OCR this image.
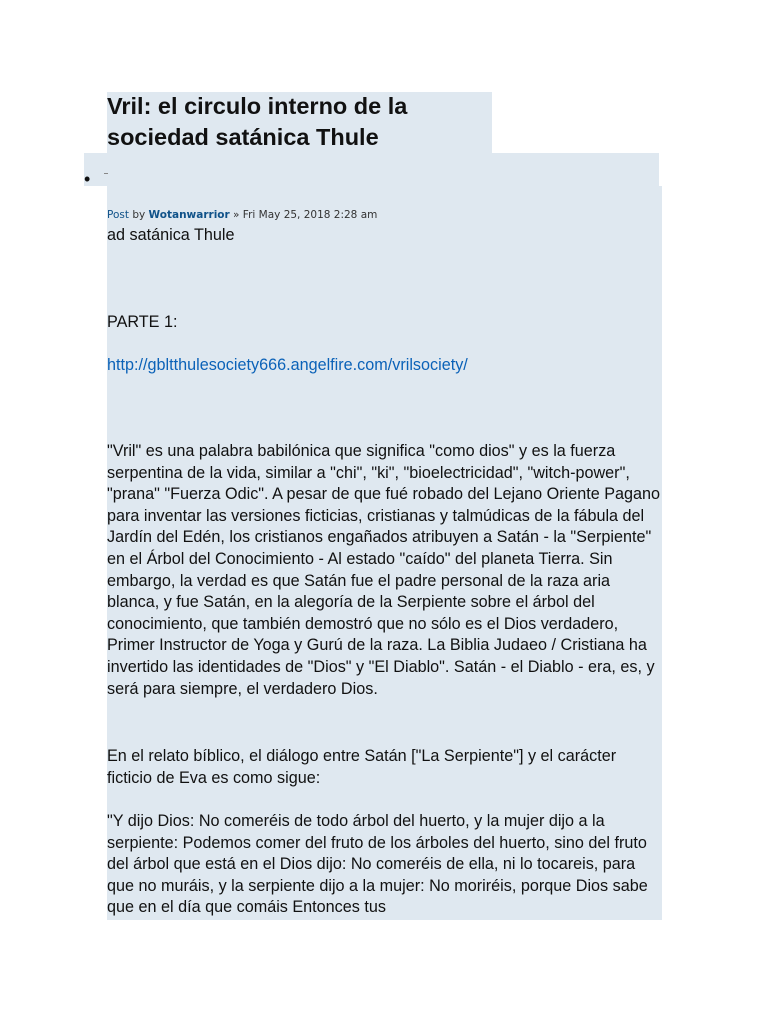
Vril: el circulo interno de la sociedad satánica Thule
•
Post by Wotanwarrior » Fri May 25, 2018 2:28 am

ad satánica Thule

PARTE 1:

http://gbltthulesociety666.angelfire.com/vrilsociety/

"Vril" es una palabra babilónica que significa "como dios" y es la fuerza serpentina de la vida, similar a "chi", "ki", "bioelectricidad", "witch-power", "prana" "Fuerza Odic". A pesar de que fué robado del Lejano Oriente Pagano para inventar las versiones ficticias, cristianas y talmúdicas de la fábula del Jardín del Edén, los cristianos engañados atribuyen a Satán - la "Serpiente" en el Árbol del Conocimiento - Al estado "caído" del planeta Tierra. Sin embargo, la verdad es que Satán fue el padre personal de la raza aria blanca, y fue Satán, en la alegoría de la Serpiente sobre el árbol del conocimiento, que también demostró que no sólo es el Dios verdadero, Primer Instructor de Yoga y Gurú de la raza. La Biblia Judaeo / Cristiana ha invertido las identidades de "Dios" y "El Diablo". Satán - el Diablo - era, es, y será para siempre, el verdadero Dios.

En el relato bíblico, el diálogo entre Satán ["La Serpiente"] y el carácter ficticio de Eva es como sigue:

"Y dijo Dios: No comeréis de todo árbol del huerto, y la mujer dijo a la serpiente: Podemos comer del fruto de los árboles del huerto, sino del fruto del árbol que está en el Dios dijo: No comeréis de ella, ni lo tocareis, para que no muráis, y la serpiente dijo a la mujer: No moriréis, porque Dios sabe que en el día que comáis Entonces tus
